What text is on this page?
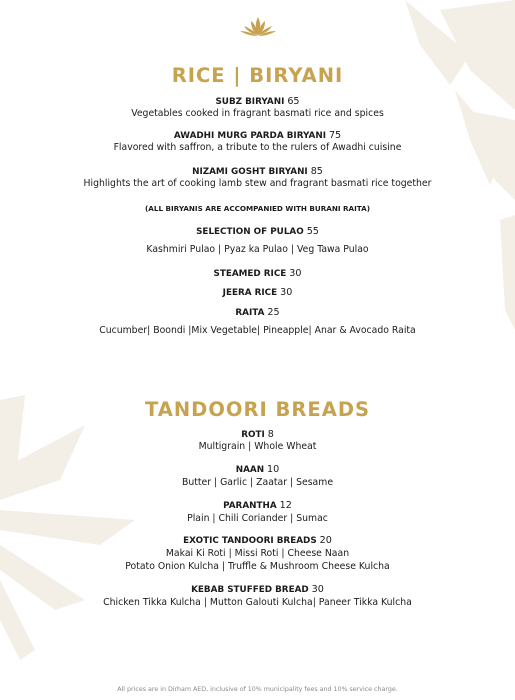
RICE | BIRYANI
SUBZ BIRYANI 65
Vegetables cooked in fragrant basmati rice and spices
AWADHI MURG PARDA BIRYANI 75
Flavored with saffron, a tribute to the rulers of Awadhi cuisine
NIZAMI GOSHT BIRYANI 85
Highlights the art of cooking lamb stew and fragrant basmati rice together
(ALL BIRYANIS ARE ACCOMPANIED WITH BURANI RAITA)
SELECTION OF PULAO 55
Kashmiri Pulao | Pyaz ka Pulao | Veg Tawa Pulao
STEAMED RICE 30
JEERA RICE 30
RAITA 25
Cucumber| Boondi |Mix Vegetable| Pineapple| Anar & Avocado Raita
TANDOORI BREADS
ROTI 8
Multigrain | Whole Wheat
NAAN 10
Butter | Garlic | Zaatar | Sesame
PARANTHA 12
Plain | Chili Coriander | Sumac
EXOTIC TANDOORI BREADS 20
Makai Ki Roti | Missi Roti | Cheese Naan
Potato Onion Kulcha | Truffle & Mushroom Cheese Kulcha
KEBAB STUFFED BREAD 30
Chicken Tikka Kulcha | Mutton Galouti Kulcha| Paneer Tikka Kulcha
All prices are in Dirham AED, inclusive of 10% municipality fees and 10% service charge.
